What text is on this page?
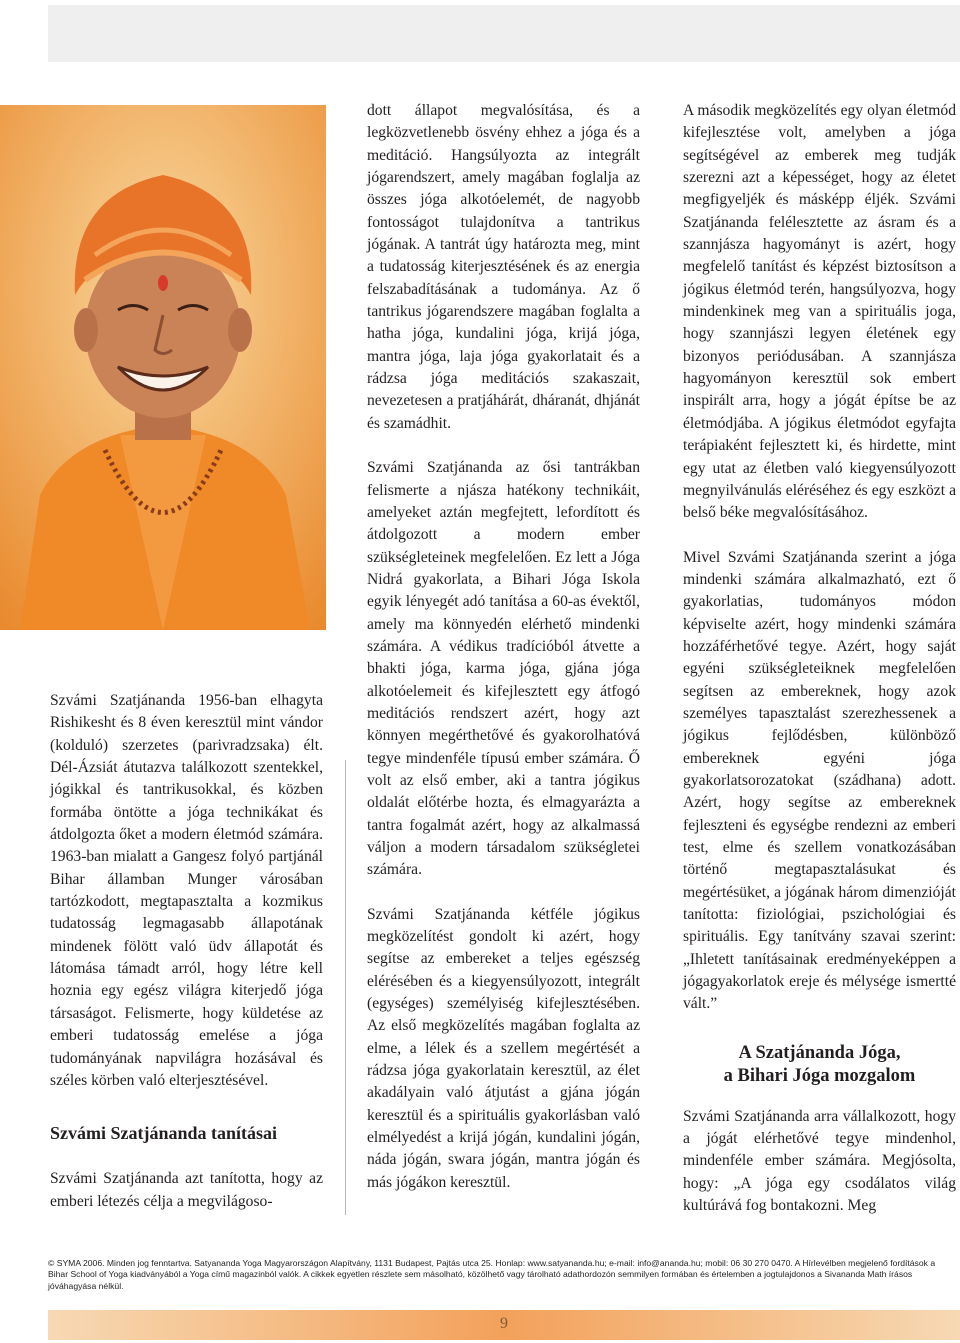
Szvámi Szatjánanda 1956-ban elhagyta Rishikesht és 8 éven keresztül mint vándor (kolduló) szerzetes (parivradzsaka) élt. Dél-Ázsiát átutazva találkozott szentekkel, jógikkal és tantrikusokkal, és közben formába öntötte a jóga technikákat és átdolgozta őket a modern életmód számára. 1963-ban mialatt a Gangesz folyó partjánál Bihar államban Munger városában tartózkodott, megtapasztalta a kozmikus tudatosság legmagasabb állapotának mindenek fölött való üdv állapotát és látomása támadt arról, hogy létre kell hoznia egy egész világra kiterjedő jóga társaságot. Felismerte, hogy küldetése az emberi tudatosság emelése a jóga tudományának napvilágra hozásával és széles körben való elterjesztésével.

Szvámi Szatjánanda tanításai

Szvámi Szatjánanda azt tanította, hogy az emberi létezés célja a megvilágoso-

dott állapot megvalósítása, és a legközvetlenebb ösvény ehhez a jóga és a meditáció. Hangsúlyozta az integrált jógarendszert, amely magában foglalja az összes jóga alkotóelemét, de nagyobb fontosságot tulajdonítva a tantrikus jógának. A tantrát úgy határozta meg, mint a tudatosság kiterjesztésének és az energia felszabadításának a tudománya. Az ő tantrikus jógarendszere magában foglalta a hatha jóga, kundalini jóga, krijá jóga, mantra jóga, laja jóga gyakorlatait és a rádzsa jóga meditációs szakaszait, nevezetesen a pratjáhárát, dháranát, dhjánát és szamádhit.

Szvámi Szatjánanda az ősi tantrákban felismerte a njásza hatékony technikáit, amelyeket aztán megfejtett, lefordított és átdolgozott a modern ember szükségleteinek megfelelően. Ez lett a Jóga Nidrá gyakorlata, a Bihari Jóga Iskola egyik lényegét adó tanítása a 60-as évektől, amely ma könnyedén elérhető mindenki számára. A védikus tradícióból átvette a bhakti jóga, karma jóga, gjána jóga alkotóelemeit és kifejlesztett egy átfogó meditációs rendszert azért, hogy azt könnyen megérthetővé és gyakorolhatóvá tegye mindenféle típusú ember számára. Ő volt az első ember, aki a tantra jógikus oldalát előtérbe hozta, és elmagyarázta a tantra fogalmát azért, hogy az alkalmassá váljon a modern társadalom szükségletei számára.

Szvámi Szatjánanda kétféle jógikus megközelítést gondolt ki azért, hogy segítse az embereket a teljes egészség elérésében és a kiegyensúlyozott, integrált (egységes) személyiség kifejlesztésében. Az első megközelítés magában foglalta az elme, a lélek és a szellem megértését a rádzsa jóga gyakorlatain keresztül, az élet akadályain való átjutást a gjána jógán keresztül és a spirituális gyakorlásban való elmélyedést a krijá jógán, kundalini jógán, náda jógán, swara jógán, mantra jógán és más jógákon keresztül.

A második megközelítés egy olyan életmód kifejlesztése volt, amelyben a jóga segítségével az emberek meg tudják szerezni azt a képességet, hogy az életet megfigyeljék és másképp éljék. Szvámi Szatjánanda felélesztette az ásram és a szannjásza hagyományt is azért, hogy megfelelő tanítást és képzést biztosítson a jógikus életmód terén, hangsúlyozva, hogy mindenkinek meg van a spirituális joga, hogy szannjászi legyen életének egy bizonyos periódusában. A szannjásza hagyományon keresztül sok embert inspirált arra, hogy a jógát építse be az életmódjába. A jógikus életmódot egyfajta terápiaként fejlesztett ki, és hirdette, mint egy utat az életben való kiegyensúlyozott megnyilvánulás eléréséhez és egy eszközt a belső béke megvalósításához.

Mivel Szvámi Szatjánanda szerint a jóga mindenki számára alkalmazható, ezt ő gyakorlatias, tudományos módon képviselte azért, hogy mindenki számára hozzáférhetővé tegye. Azért, hogy saját egyéni szükségleteiknek megfelelően segítsen az embereknek, hogy azok személyes tapasztalást szerezhessenek a jógikus fejlődésben, különböző embereknek egyéni jóga gyakorlatsorozatokat (szádhana) adott. Azért, hogy segítse az embereknek fejleszteni és egységbe rendezni az emberi test, elme és szellem vonatkozásában történő megtapasztalásukat és megértésüket, a jógának három dimenzióját tanította: fiziológiai, pszichológiai és spirituális. Egy tanítvány szavai szerint: „Ihletett tanításainak eredményeképpen a jógagyakorlatok ereje és mélysége ismertté vált.”

A Szatjánanda Jóga,
a Bihari Jóga mozgalom

Szvámi Szatjánanda arra vállalkozott, hogy a jógát elérhetővé tegye mindenhol, mindenféle ember számára. Megjósolta, hogy: „A jóga egy csodálatos világ kultúrává fog bontakozni. Meg

© SYMA 2006. Minden jog fenntartva. Satyananda Yoga Magyarországon Alapítvány, 1131 Budapest, Pajtás utca 25. Honlap: www.satyananda.hu; e-mail: info@ananda.hu; mobil: 06 30 270 0470. A Hírlevélben megjelenő fordítások a Bihar School of Yoga kiadványából a Yoga című magazinból valók. A cikkek egyetlen részlete sem másolható, közölhető vagy tárolható adathordozón semmilyen formában és értelemben a jogtulajdonos a Sivananda Math írásos jóváhagyása nélkül.
9
